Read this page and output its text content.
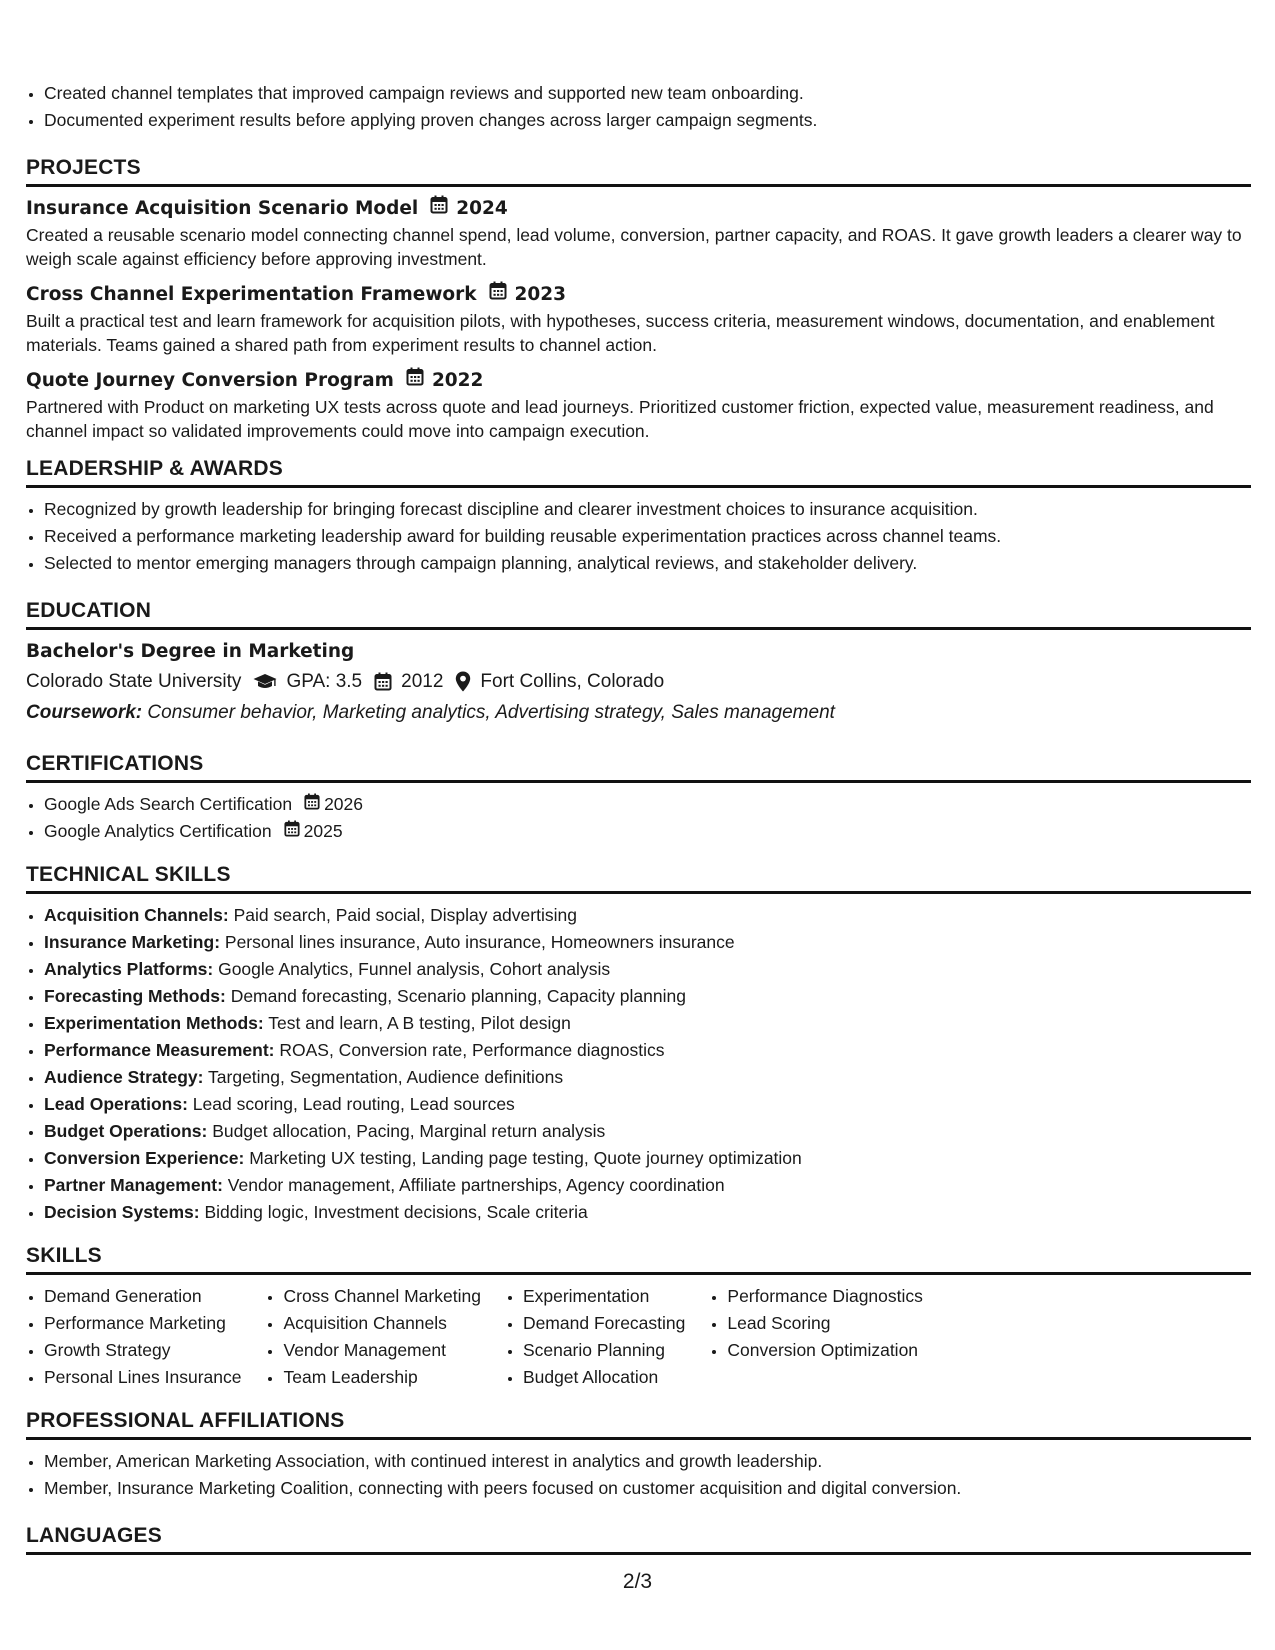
• Created channel templates that improved campaign reviews and supported new team onboarding.
• Documented experiment results before applying proven changes across larger campaign segments.
PROJECTS
Insurance Acquisition Scenario Model 2024
Created a reusable scenario model connecting channel spend, lead volume, conversion, partner capacity, and ROAS. It gave growth leaders a clearer way to weigh scale against efficiency before approving investment.
Cross Channel Experimentation Framework 2023
Built a practical test and learn framework for acquisition pilots, with hypotheses, success criteria, measurement windows, documentation, and enablement materials. Teams gained a shared path from experiment results to channel action.
Quote Journey Conversion Program 2022
Partnered with Product on marketing UX tests across quote and lead journeys. Prioritized customer friction, expected value, measurement readiness, and channel impact so validated improvements could move into campaign execution.
LEADERSHIP & AWARDS
• Recognized by growth leadership for bringing forecast discipline and clearer investment choices to insurance acquisition.
• Received a performance marketing leadership award for building reusable experimentation practices across channel teams.
• Selected to mentor emerging managers through campaign planning, analytical reviews, and stakeholder delivery.
EDUCATION
Bachelor's Degree in Marketing
Colorado State University GPA: 3.5 2012 Fort Collins, Colorado
Coursework: Consumer behavior, Marketing analytics, Advertising strategy, Sales management
CERTIFICATIONS
• Google Ads Search Certification 2026
• Google Analytics Certification 2025
TECHNICAL SKILLS
• Acquisition Channels: Paid search, Paid social, Display advertising
• Insurance Marketing: Personal lines insurance, Auto insurance, Homeowners insurance
• Analytics Platforms: Google Analytics, Funnel analysis, Cohort analysis
• Forecasting Methods: Demand forecasting, Scenario planning, Capacity planning
• Experimentation Methods: Test and learn, A B testing, Pilot design
• Performance Measurement: ROAS, Conversion rate, Performance diagnostics
• Audience Strategy: Targeting, Segmentation, Audience definitions
• Lead Operations: Lead scoring, Lead routing, Lead sources
• Budget Operations: Budget allocation, Pacing, Marginal return analysis
• Conversion Experience: Marketing UX testing, Landing page testing, Quote journey optimization
• Partner Management: Vendor management, Affiliate partnerships, Agency coordination
• Decision Systems: Bidding logic, Investment decisions, Scale criteria
SKILLS
• Demand Generation
• Performance Marketing
• Growth Strategy
• Personal Lines Insurance
• Cross Channel Marketing
• Acquisition Channels
• Vendor Management
• Team Leadership
• Experimentation
• Demand Forecasting
• Scenario Planning
• Budget Allocation
• Performance Diagnostics
• Lead Scoring
• Conversion Optimization
PROFESSIONAL AFFILIATIONS
• Member, American Marketing Association, with continued interest in analytics and growth leadership.
• Member, Insurance Marketing Coalition, connecting with peers focused on customer acquisition and digital conversion.
LANGUAGES
2/3
